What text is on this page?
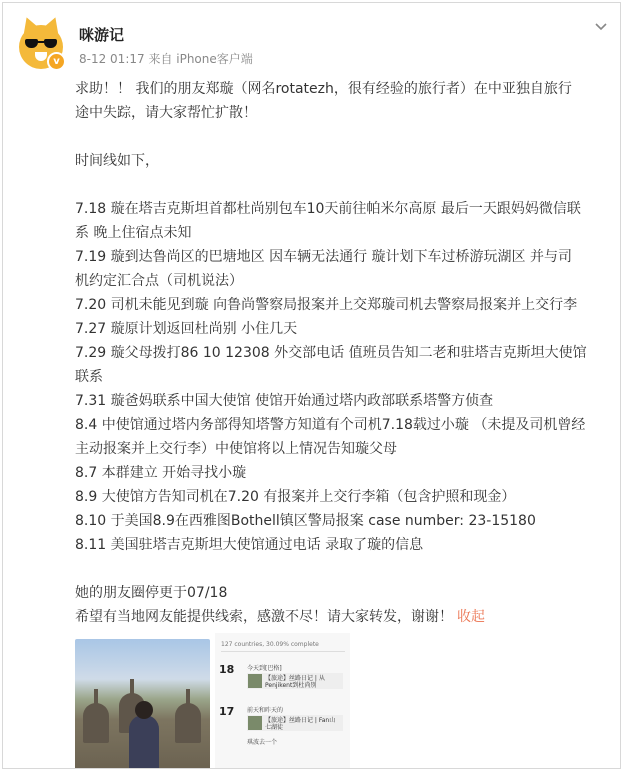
v
咪游记
8-12 01:17 来自 iPhone客户端

求助！！ 我们的朋友郑璇（网名rotatezh，很有经验的旅行者）在中亚独自旅行

途中失踪，请大家帮忙扩散！

时间线如下，

7.18 璇在塔吉克斯坦首都杜尚别包车10天前往帕米尔高原 最后一天跟妈妈微信联

系 晚上住宿点未知

7.19 璇到达鲁尚区的巴塘地区 因车辆无法通行 璇计划下车过桥游玩湖区 并与司

机约定汇合点（司机说法）

7.20 司机未能见到璇 向鲁尚警察局报案并上交郑璇司机去警察局报案并上交行李

7.27 璇原计划返回杜尚别 小住几天

7.29 璇父母拨打86 10 12308 外交部电话 值班员告知二老和驻塔吉克斯坦大使馆

联系

7.31 璇爸妈联系中国大使馆 使馆开始通过塔内政部联系塔警方侦查

8.4 中使馆通过塔内务部得知塔警方知道有个司机7.18载过小璇 （未提及司机曾经

主动报案并上交行李）中使馆将以上情况告知璇父母

8.7 本群建立 开始寻找小璇

8.9 大使馆方告知司机在7.20 有报案并上交行李箱（包含护照和现金）

8.10 于美国8.9在西雅图Bothell镇区警局报案 case number: 23-15180

8.11 美国驻塔吉克斯坦大使馆通过电话 录取了璇的信息

她的朋友圈停更于07/18

希望有当地网友能提供线索，感激不尽！请大家转发，谢谢！ 收起

127 countries, 30.09% complete
18 今天到[巴格]
【旅途】丝路日记 | 从 Penjikent到杜尚别
17 前天和昨天的
【旅途】丝路日记 | Fan山 七湖徒
琪波去一个
